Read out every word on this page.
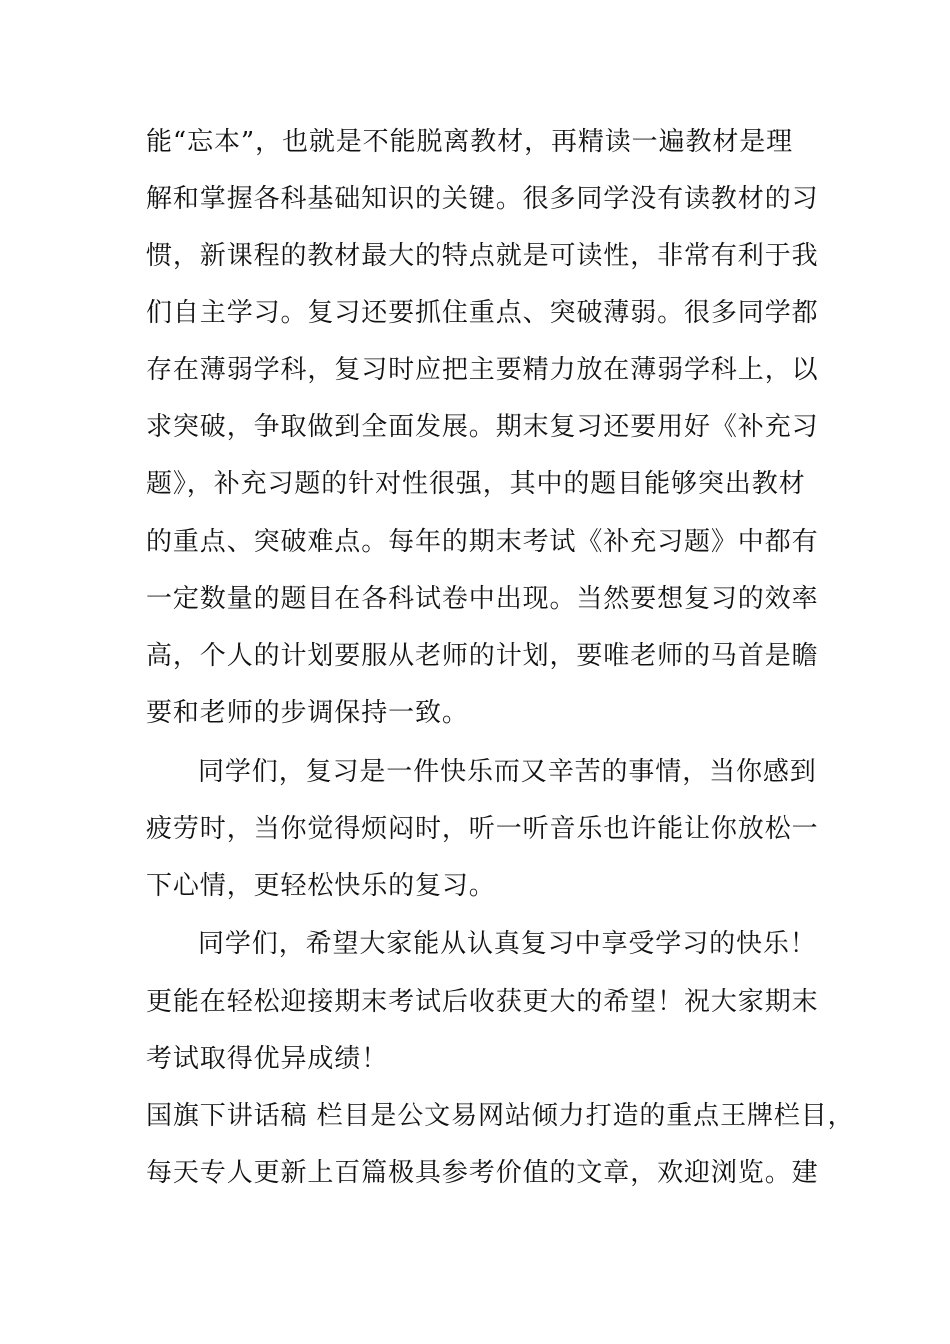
能“忘本”，也就是不能脱离教材，再精读一遍教材是理
解和掌握各科基础知识的关键。很多同学没有读教材的习
惯，新课程的教材最大的特点就是可读性，非常有利于我
们自主学习。复习还要抓住重点、突破薄弱。很多同学都
存在薄弱学科，复习时应把主要精力放在薄弱学科上，以
求突破，争取做到全面发展。期末复习还要用好《补充习
题》，补充习题的针对性很强，其中的题目能够突出教材
的重点、突破难点。每年的期末考试《补充习题》中都有
一定数量的题目在各科试卷中出现。当然要想复习的效率
高，个人的计划要服从老师的计划，要唯老师的马首是瞻
要和老师的步调保持一致。
同学们，复习是一件快乐而又辛苦的事情，当你感到
疲劳时，当你觉得烦闷时，听一听音乐也许能让你放松一
下心情，更轻松快乐的复习。
同学们，希望大家能从认真复习中享受学习的快乐！
更能在轻松迎接期末考试后收获更大的希望！祝大家期末
考试取得优异成绩！
国旗下讲话稿 栏目是公文易网站倾力打造的重点王牌栏目，
每天专人更新上百篇极具参考价值的文章，欢迎浏览。建
